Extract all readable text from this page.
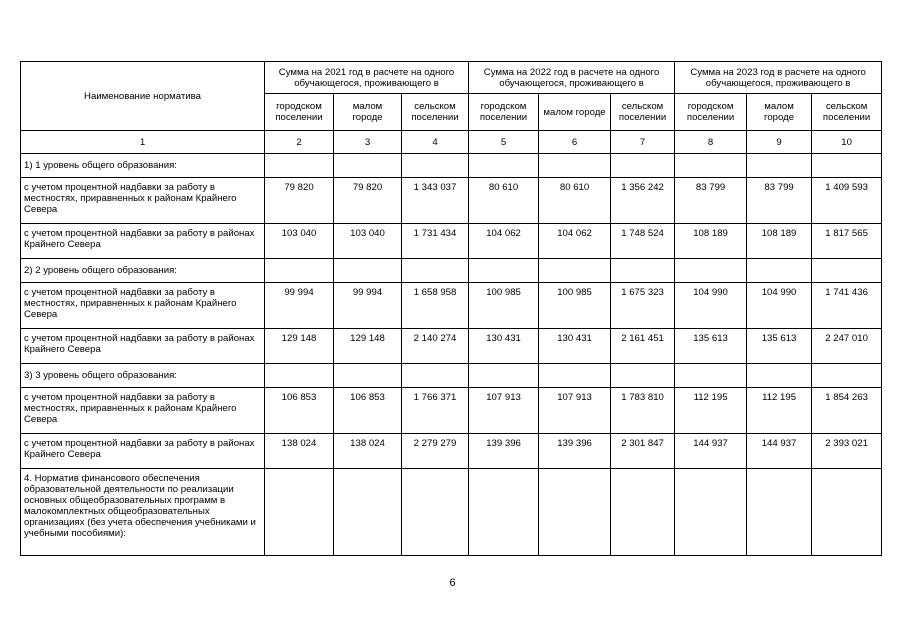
Наименование норматива	Сумма на 2021 год в расчете на одного обучающегося, проживающего в			Сумма на 2022 год в расчете на одного обучающегося, проживающего в			Сумма на 2023 год в расчете на одного обучающегося, проживающего в		
	городском поселении	малом городе	сельском поселении	городском поселении	малом городе	сельском поселении	городском поселении	малом городе	сельском поселении
1	2	3	4	5	6	7	8	9	10
1) 1 уровень общего образования:									
с учетом процентной надбавки за работу в местностях, приравненных к районам Крайнего Севера	79 820	79 820	1 343 037	80 610	80 610	1 356 242	83 799	83 799	1 409 593
с учетом процентной надбавки за работу в районах Крайнего Севера	103 040	103 040	1 731 434	104 062	104 062	1 748 524	108 189	108 189	1 817 565
2) 2 уровень общего образования:									
с учетом процентной надбавки за работу в местностях, приравненных к районам Крайнего Севера	99 994	99 994	1 658 958	100 985	100 985	1 675 323	104 990	104 990	1 741 436
с учетом процентной надбавки за работу в районах Крайнего Севера	129 148	129 148	2 140 274	130 431	130 431	2 161 451	135 613	135 613	2 247 010
3) 3 уровень общего образования:									
с учетом процентной надбавки за работу в местностях, приравненных к районам Крайнего Севера	106 853	106 853	1 766 371	107 913	107 913	1 783 810	112 195	112 195	1 854 263
с учетом процентной надбавки за работу в районах Крайнего Севера	138 024	138 024	2 279 279	139 396	139 396	2 301 847	144 937	144 937	2 393 021
4. Норматив финансового обеспечения образовательной деятельности по реализации основных общеобразовательных программ в малокомплектных общеобразовательных организациях (без учета обеспечения учебниками и учебными пособиями):									
6
